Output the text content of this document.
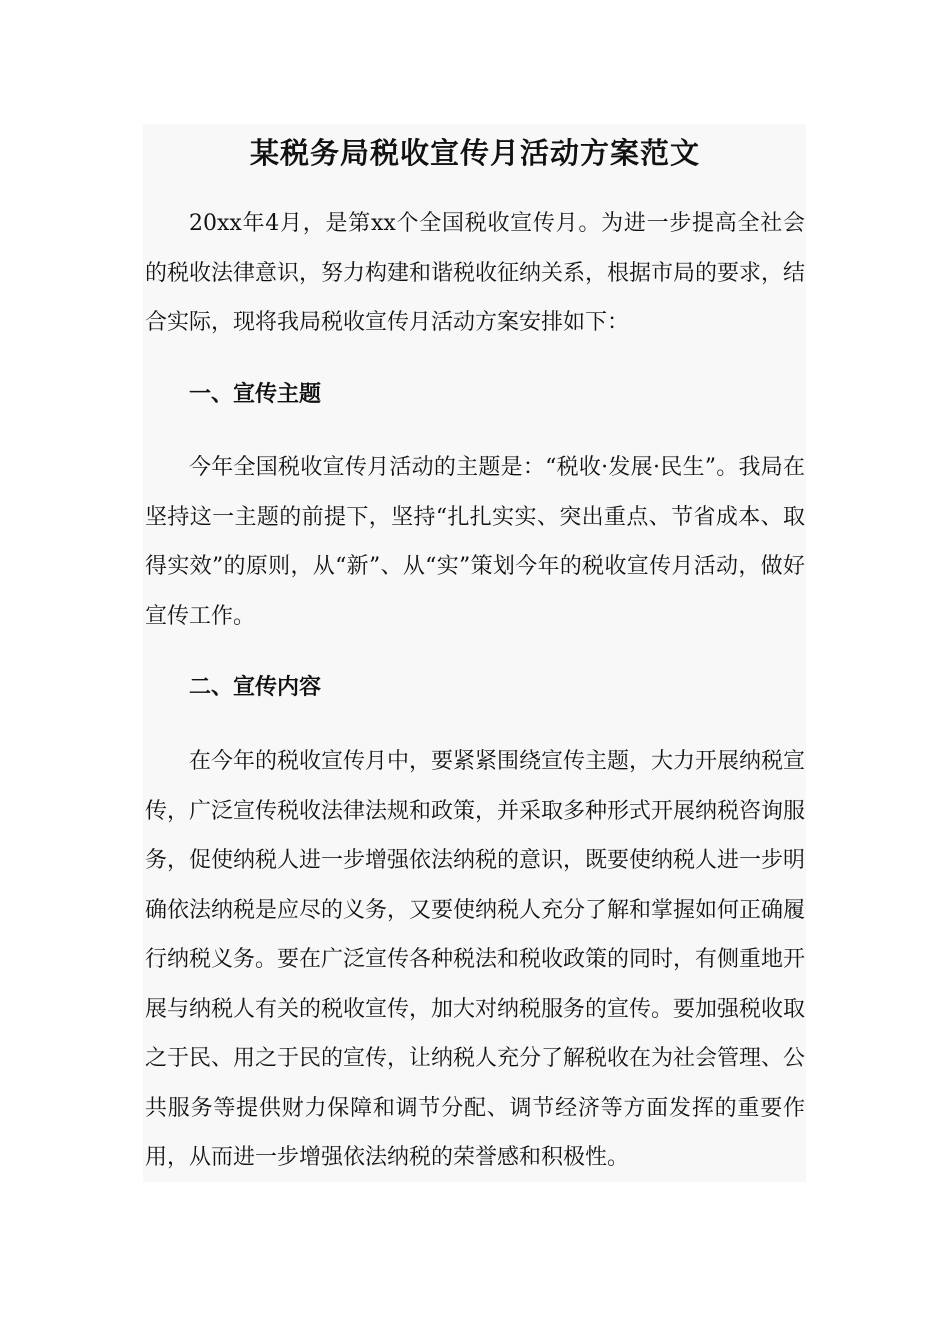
某税务局税收宣传月活动方案范文

20xx年4月，是第xx个全国税收宣传月。为进一步提高全社会的税收法律意识，努力构建和谐税收征纳关系，根据市局的要求，结合实际，现将我局税收宣传月活动方案安排如下：

一、宣传主题

今年全国税收宣传月活动的主题是：“税收·发展·民生”。我局在坚持这一主题的前提下，坚持“扎扎实实、突出重点、节省成本、取得实效”的原则，从“新”、从“实”策划今年的税收宣传月活动，做好宣传工作。

二、宣传内容

在今年的税收宣传月中，要紧紧围绕宣传主题，大力开展纳税宣传，广泛宣传税收法律法规和政策，并采取多种形式开展纳税咨询服务，促使纳税人进一步增强依法纳税的意识，既要使纳税人进一步明确依法纳税是应尽的义务，又要使纳税人充分了解和掌握如何正确履行纳税义务。要在广泛宣传各种税法和税收政策的同时，有侧重地开展与纳税人有关的税收宣传，加大对纳税服务的宣传。要加强税收取之于民、用之于民的宣传，让纳税人充分了解税收在为社会管理、公共服务等提供财力保障和调节分配、调节经济等方面发挥的重要作用，从而进一步增强依法纳税的荣誉感和积极性。
